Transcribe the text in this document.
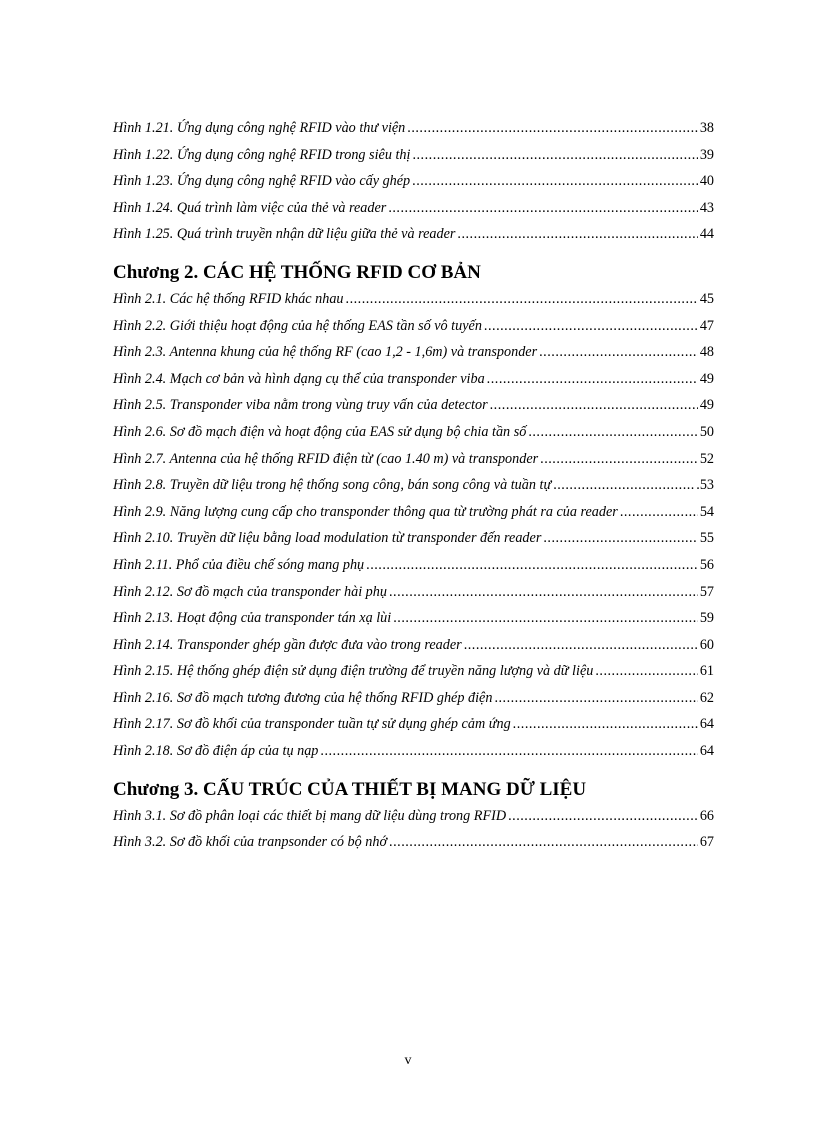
Hình 1.21. Ứng dụng công nghệ RFID vào thư viện .....	38
Hình 1.22. Ứng dụng công nghệ RFID trong siêu thị .....	39
Hình 1.23. Ứng dụng công nghệ RFID vào cấy ghép .....	40
Hình 1.24. Quá trình làm việc của thẻ và reader .....	43
Hình 1.25. Quá trình truyền nhận dữ liệu giữa thẻ và reader .....	44
Chương 2. CÁC HỆ THỐNG RFID CƠ BẢN
Hình 2.1. Các hệ thống RFID khác nhau .....	45
Hình 2.2. Giới thiệu hoạt động của hệ thống EAS tần số vô tuyến .....	47
Hình 2.3. Antenna khung của hệ thống RF (cao 1,2 - 1,6m) và transponder .....	48
Hình 2.4. Mạch cơ bản và hình dạng cụ thể của transponder viba .....	49
Hình 2.5. Transponder viba nằm trong vùng truy vấn của detector .....	49
Hình 2.6. Sơ đồ mạch điện và hoạt động của EAS sử dụng bộ chia tần số .....	50
Hình 2.7. Antenna của hệ thống RFID điện từ (cao 1.40 m) và transponder .....	52
Hình 2.8. Truyền dữ liệu trong hệ thống song công, bán song công và tuần tự .....	.53
Hình 2.9. Năng lượng cung cấp cho transponder thông qua từ trường phát ra của reader .....	54
Hình 2.10. Truyền dữ liệu bằng load modulation từ transponder đến reader .....	55
Hình 2.11. Phổ của điều chế sóng mang phụ .....	56
Hình 2.12. Sơ đồ mạch của transponder hài phụ .....	57
Hình 2.13. Hoạt động của transponder tán xạ lùi .....	59
Hình 2.14. Transponder ghép gần được đưa vào trong reader .....	60
Hình 2.15. Hệ thống ghép điện sử dụng điện trường để truyền năng lượng và dữ liệu .....	61
Hình 2.16. Sơ đồ mạch tương đương của hệ thống RFID ghép điện .....	62
Hình 2.17. Sơ đồ khối của transponder tuần tự sử dụng ghép cảm ứng .....	64
Hình 2.18. Sơ đồ điện áp của tụ nạp .....	64
Chương 3. CẤU TRÚC CỦA THIẾT BỊ MANG DỮ LIỆU
Hình 3.1. Sơ đồ phân loại các thiết bị mang dữ liệu dùng trong RFID .....	66
Hình 3.2. Sơ đồ khối của tranpsonder có bộ nhớ .....	67
v
